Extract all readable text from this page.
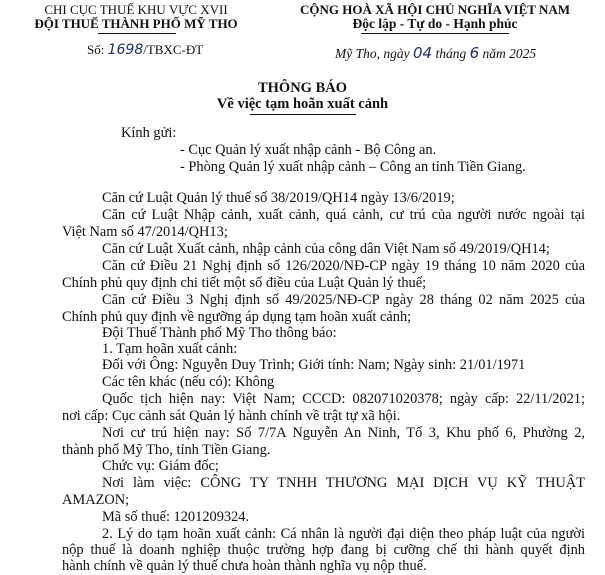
CHI CỤC THUẾ KHU VỰC XVII
ĐỘI THUẾ THÀNH PHỐ MỸ THO
Số: 1698/TBXC-ĐT
CỘNG HOÀ XÃ HỘI CHỦ NGHĨA VIỆT NAM
Độc lập - Tự do - Hạnh phúc
Mỹ Tho, ngày 04 tháng 6 năm 2025
THÔNG BÁO
Về việc tạm hoãn xuất cảnh
Kính gửi:
- Cục Quản lý xuất nhập cảnh - Bộ Công an.
- Phòng Quản lý xuất nhập cảnh – Công an tỉnh Tiền Giang.
Căn cứ Luật Quản lý thuế số 38/2019/QH14 ngày 13/6/2019;
Căn cứ Luật Nhập cảnh, xuất cảnh, quá cảnh, cư trú của người nước ngoài tại
Việt Nam số 47/2014/QH13;
Căn cứ Luật Xuất cảnh, nhập cảnh của công dân Việt Nam số 49/2019/QH14;
Căn cứ Điều 21 Nghị định số 126/2020/NĐ-CP ngày 19 tháng 10 năm 2020 của
Chính phủ quy định chi tiết một số điều của Luật Quản lý thuế;
Căn cứ Điều 3 Nghị định số 49/2025/NĐ-CP ngày 28 tháng 02 năm 2025 của
Chính phủ quy định về ngưỡng áp dụng tạm hoãn xuất cảnh;
Đội Thuế Thành phố Mỹ Tho thông báo:
1. Tạm hoãn xuất cảnh:
Đối với Ông: Nguyễn Duy Trình; Giới tính: Nam; Ngày sinh: 21/01/1971
Các tên khác (nếu có): Không
Quốc tịch hiện nay: Việt Nam; CCCD: 082071020378; ngày cấp: 22/11/2021;
nơi cấp: Cục cảnh sát Quản lý hành chính về trật tự xã hội.
Nơi cư trú hiện nay: Số 7/7A Nguyễn An Ninh, Tổ 3, Khu phố 6, Phường 2,
thành phố Mỹ Tho, tỉnh Tiền Giang.
Chức vụ: Giám đốc;
Nơi làm việc: CÔNG TY TNHH THƯƠNG MẠI DỊCH VỤ KỸ THUẬT
AMAZON;
Mã số thuế: 1201209324.
2. Lý do tạm hoãn xuất cảnh: Cá nhân là người đại diện theo pháp luật của người
nộp thuế là doanh nghiệp thuộc trường hợp đang bị cưỡng chế thi hành quyết định
hành chính về quản lý thuế chưa hoàn thành nghĩa vụ nộp thuế.
